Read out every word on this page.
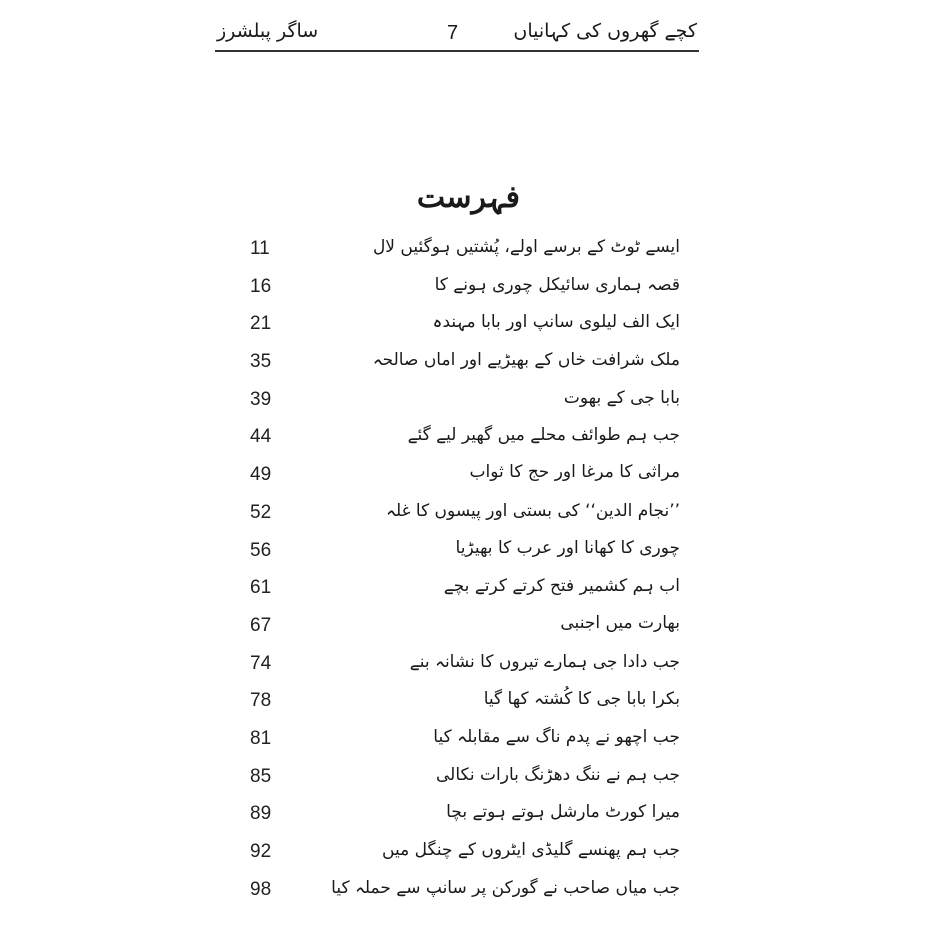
ساگر پبلشرز	7	کچے گھروں کی کہانیاں
فہرست
11	ایسے ٹوٹ کے برسے اولے، پُشتیں ہوگئیں لال
16	قصہ ہماری سائیکل چوری ہونے کا
21	ایک الف لیلوی سانپ اور بابا مہندہ
35	ملک شرافت خاں کے بھیڑیے اور اماں صالحہ
39	بابا جی کے بھوت
44	جب ہم طوائف محلے میں گھیر لیے گئے
49	مراثی کا مرغا اور حج کا ثواب
52	’’نجام الدین‘‘ کی بستی اور پیسوں کا غلہ
56	چوری کا کھانا اور عرب کا بھیڑیا
61	اب ہم کشمیر فتح کرتے کرتے بچے
67	بھارت میں اجنبی
74	جب دادا جی ہمارے تیروں کا نشانہ بنے
78	بکرا بابا جی کا کُشتہ کھا گیا
81	جب اچھو نے پدم ناگ سے مقابلہ کیا
85	جب ہم نے ننگ دھڑنگ بارات نکالی
89	میرا کورٹ مارشل ہوتے ہوتے بچا
92	جب ہم پھنسے گلیڈی ایٹروں کے چنگل میں
98	جب میاں صاحب نے گورکن پر سانپ سے حملہ کیا
